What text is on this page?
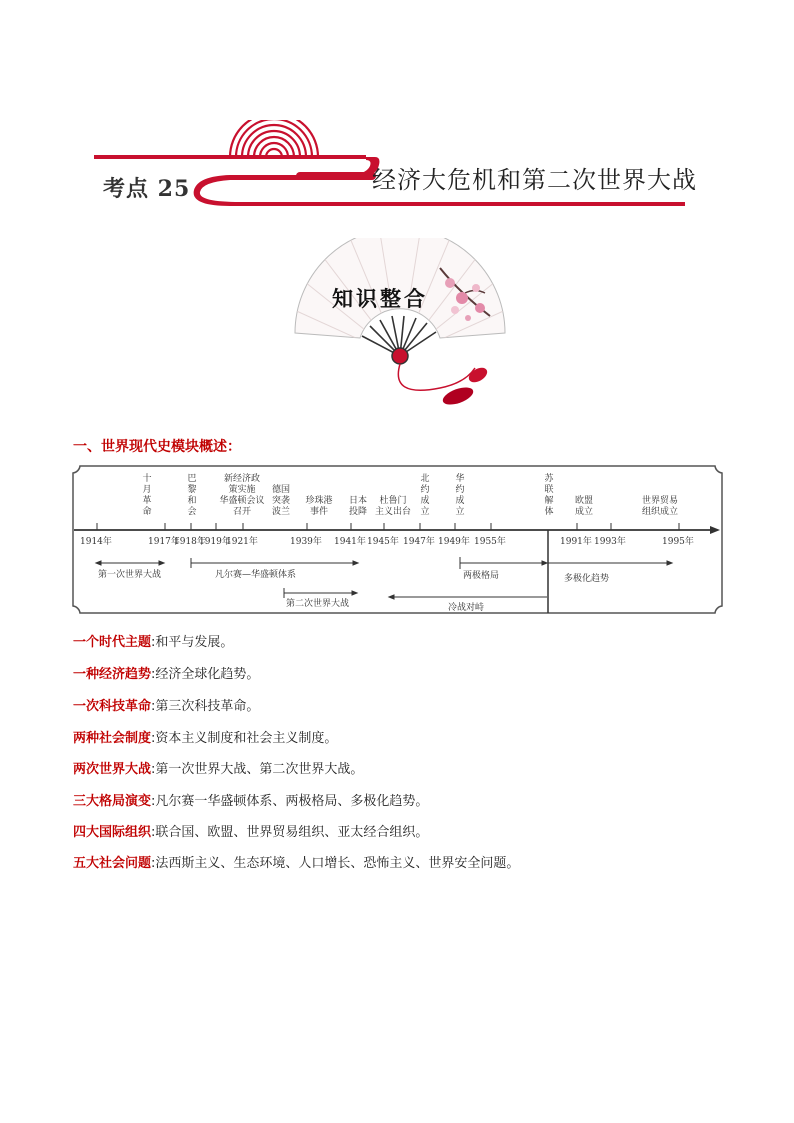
✦
考点 25	经济大危机和第二次世界大战
知识整合
一、世界现代史模块概述：
1914年	1917年
1918年
1919年
1921年	1939年 1941年 1945年 1947年 1949年 1955年	1991年 1993年	1995年
十月革命
巴黎和会
新经济政策实施华盛顿会议召开
德国突袭波兰
珍珠港事件
日本投降
杜鲁门主义出台
北约成立
华约成立
苏联解体
欧盟成立
世界贸易组织成立
第一次世界大战	凡尔赛—华盛顿体系
第二次世界大战
两极格局
冷战对峙
多极化趋势
一个时代主题:和平与发展。
一种经济趋势:经济全球化趋势。
一次科技革命:第三次科技革命。
两种社会制度:资本主义制度和社会主义制度。
两次世界大战:第一次世界大战、第二次世界大战。
三大格局演变:凡尔赛一华盛顿体系、两极格局、多极化趋势。
四大国际组织:联合国、欧盟、世界贸易组织、亚太经合组织。
五大社会问题:法西斯主义、生态环境、人口增长、恐怖主义、世界安全问题。
